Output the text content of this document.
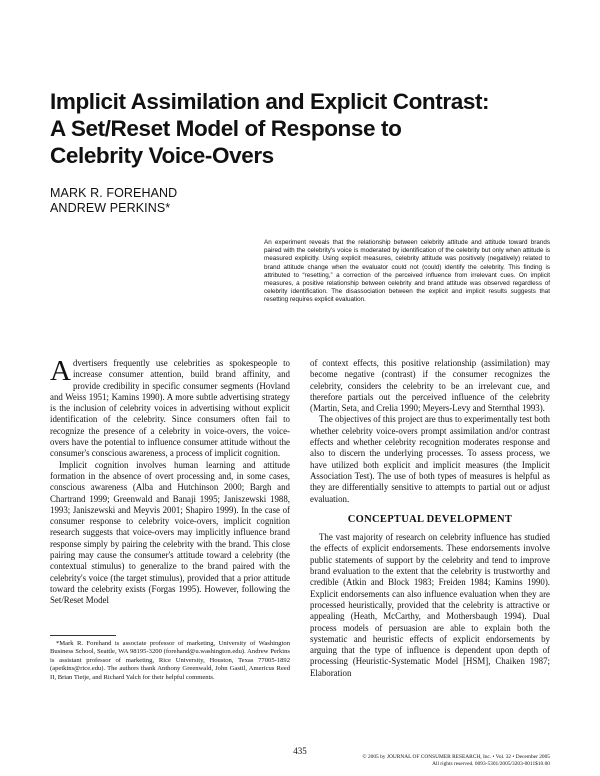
Implicit Assimilation and Explicit Contrast:
A Set/Reset Model of Response to
Celebrity Voice-Overs
MARK R. FOREHAND
ANDREW PERKINS*
An experiment reveals that the relationship between celebrity attitude and attitude toward brands paired with the celebrity's voice is moderated by identification of the celebrity but only when attitude is measured explicitly. Using explicit measures, celebrity attitude was positively (negatively) related to brand attitude change when the evaluator could not (could) identify the celebrity. This finding is attributed to “resetting,” a correction of the perceived influence from irrelevant cues. On implicit measures, a positive relationship between celebrity and brand attitude was observed regardless of celebrity identification. The disassociation between the explicit and implicit results suggests that resetting requires explicit evaluation.

Advertisers frequently use celebrities as spokespeople to increase consumer attention, build brand affinity, and provide credibility in specific consumer segments (Hovland and Weiss 1951; Kamins 1990). A more subtle advertising strategy is the inclusion of celebrity voices in advertising without explicit identification of the celebrity. Since consumers often fail to recognize the presence of a celebrity in voice-overs, the voice-overs have the potential to influence consumer attitude without the consumer's conscious awareness, a process of implicit cognition.

Implicit cognition involves human learning and attitude formation in the absence of overt processing and, in some cases, conscious awareness (Alba and Hutchinson 2000; Bargh and Chartrand 1999; Greenwald and Banaji 1995; Janiszewski 1988, 1993; Janiszewski and Meyvis 2001; Shapiro 1999). In the case of consumer response to celebrity voice-overs, implicit cognition research suggests that voice-overs may implicitly influence brand response simply by pairing the celebrity with the brand. This close pairing may cause the consumer's attitude toward a celebrity (the contextual stimulus) to generalize to the brand paired with the celebrity's voice (the target stimulus), provided that a prior attitude toward the celebrity exists (Forgas 1995). However, following the Set/Reset Model

of context effects, this positive relationship (assimilation) may become negative (contrast) if the consumer recognizes the celebrity, considers the celebrity to be an irrelevant cue, and therefore partials out the perceived influence of the celebrity (Martin, Seta, and Crelia 1990; Meyers-Levy and Sternthal 1993).

The objectives of this project are thus to experimentally test both whether celebrity voice-overs prompt assimilation and/or contrast effects and whether celebrity recognition moderates response and also to discern the underlying processes. To assess process, we have utilized both explicit and implicit measures (the Implicit Association Test). The use of both types of measures is helpful as they are differentially sensitive to attempts to partial out or adjust evaluation.

CONCEPTUAL DEVELOPMENT

The vast majority of research on celebrity influence has studied the effects of explicit endorsements. These endorsements involve public statements of support by the celebrity and tend to improve brand evaluation to the extent that the celebrity is trustworthy and credible (Atkin and Block 1983; Freiden 1984; Kamins 1990). Explicit endorsements can also influence evaluation when they are processed heuristically, provided that the celebrity is attractive or appealing (Heath, McCarthy, and Mothersbaugh 1994). Dual process models of persuasion are able to explain both the systematic and heuristic effects of explicit endorsements by arguing that the type of influence is dependent upon depth of processing (Heuristic-Systematic Model [HSM], Chaiken 1987; Elaboration

*Mark R. Forehand is associate professor of marketing, University of Washington Business School, Seattle, WA 98195-3200 (forehand@u.washington.edu). Andrew Perkins is assistant professor of marketing, Rice University, Houston, Texas 77005-1892 (apetkins@rice.edu). The authors thank Anthony Greenwald, John Gastil, Americus Reed II, Brian Tietje, and Richard Yalch for their helpful comments.

435
© 2005 by JOURNAL OF CONSUMER RESEARCH, Inc. • Vol. 32 • December 2005
All rights reserved. 0093-5301/2005/3203-0011$10.00
